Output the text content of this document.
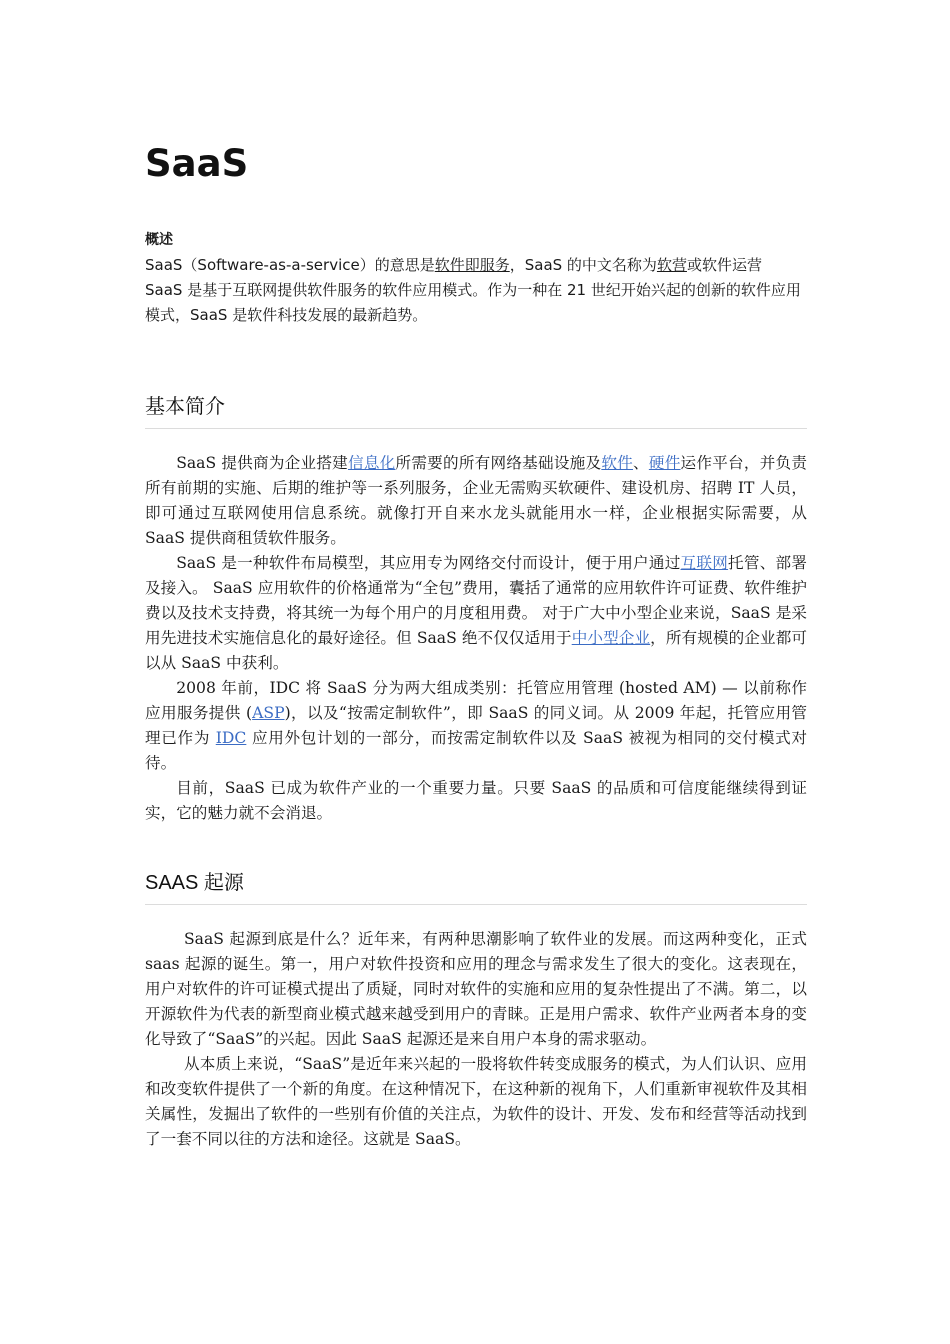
SaaS
概述

SaaS（Software-as-a-service）的意思是软件即服务，SaaS 的中文名称为软营或软件运营

SaaS 是基于互联网提供软件服务的软件应用模式。作为一种在 21 世纪开始兴起的创新的软件应用模式，SaaS 是软件科技发展的最新趋势。

基本简介

SaaS 提供商为企业搭建信息化所需要的所有网络基础设施及软件、硬件运作平台，并负责所有前期的实施、后期的维护等一系列服务，企业无需购买软硬件、建设机房、招聘 IT 人员，即可通过互联网使用信息系统。就像打开自来水龙头就能用水一样，企业根据实际需要，从 SaaS 提供商租赁软件服务。

SaaS 是一种软件布局模型，其应用专为网络交付而设计，便于用户通过互联网托管、部署及接入。 SaaS 应用软件的价格通常为“全包”费用，囊括了通常的应用软件许可证费、软件维护费以及技术支持费，将其统一为每个用户的月度租用费。 对于广大中小型企业来说，SaaS 是采用先进技术实施信息化的最好途径。但 SaaS 绝不仅仅适用于中小型企业，所有规模的企业都可以从 SaaS 中获利。

2008 年前，IDC 将 SaaS 分为两大组成类别：托管应用管理 (hosted AM) — 以前称作应用服务提供 (ASP)，以及“按需定制软件”，即 SaaS 的同义词。从 2009 年起，托管应用管理已作为 IDC 应用外包计划的一部分，而按需定制软件以及 SaaS 被视为相同的交付模式对待。

目前，SaaS 已成为软件产业的一个重要力量。只要 SaaS 的品质和可信度能继续得到证实，它的魅力就不会消退。

SAAS 起源

SaaS 起源到底是什么？近年来，有两种思潮影响了软件业的发展。而这两种变化，正式 saas 起源的诞生。第一，用户对软件投资和应用的理念与需求发生了很大的变化。这表现在，用户对软件的许可证模式提出了质疑，同时对软件的实施和应用的复杂性提出了不满。第二，以开源软件为代表的新型商业模式越来越受到用户的青睐。正是用户需求、软件产业两者本身的变化导致了“SaaS”的兴起。因此 SaaS 起源还是来自用户本身的需求驱动。

从本质上来说，“SaaS”是近年来兴起的一股将软件转变成服务的模式，为人们认识、应用和改变软件提供了一个新的角度。在这种情况下，在这种新的视角下，人们重新审视软件及其相关属性，发掘出了软件的一些别有价值的关注点，为软件的设计、开发、发布和经营等活动找到了一套不同以往的方法和途径。这就是 SaaS。
